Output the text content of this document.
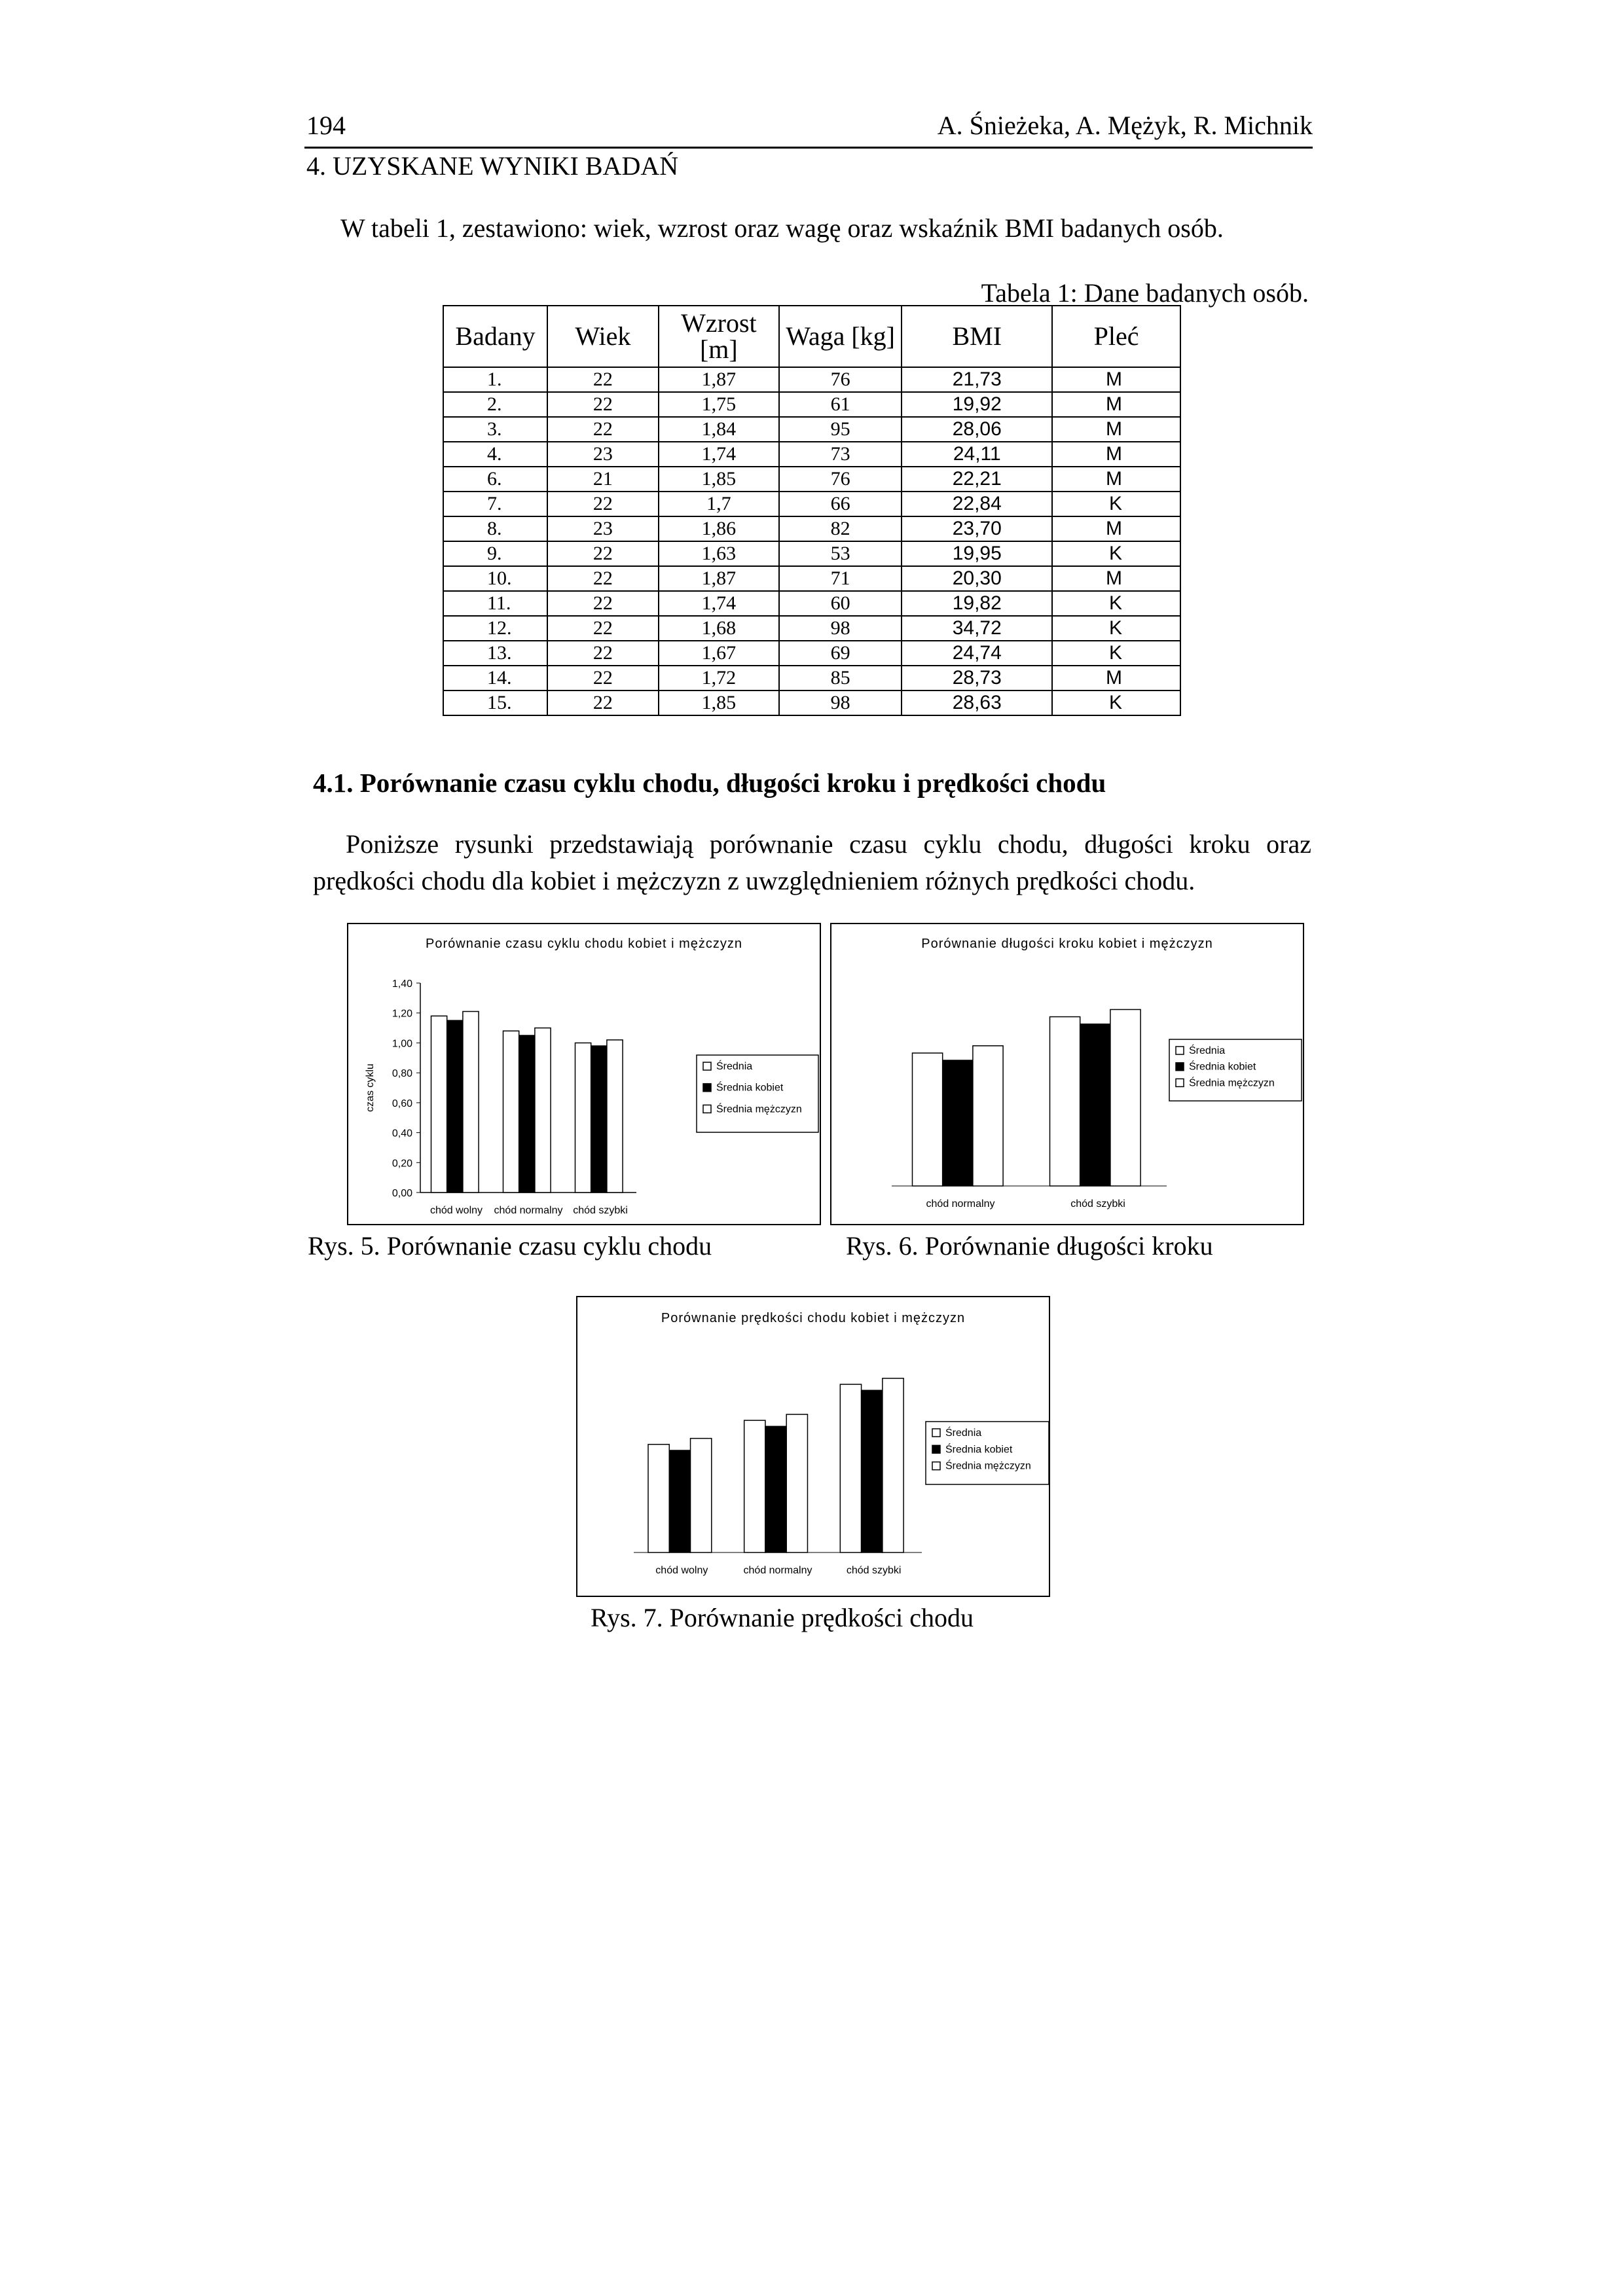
194	A. Śnieżeka, A. Mężyk, R. Michnik
4. UZYSKANE WYNIKI BADAŃ
W tabeli 1, zestawiono: wiek, wzrost oraz wagę oraz wskaźnik BMI badanych osób.
Tabela 1: Dane badanych osób.
Badany	Wiek	Wzrost [m]	Waga [kg]	BMI	Pleć
1.	22	1,87	76	21,73	M
2.	22	1,75	61	19,92	M
3.	22	1,84	95	28,06	M
4.	23	1,74	73	24,11	M
6.	21	1,85	76	22,21	M
7.	22	1,7	66	22,84	K
8.	23	1,86	82	23,70	M
9.	22	1,63	53	19,95	K
10.	22	1,87	71	20,30	M
11.	22	1,74	60	19,82	K
12.	22	1,68	98	34,72	K
13.	22	1,67	69	24,74	K
14.	22	1,72	85	28,73	M
15.	22	1,85	98	28,63	K
4.1. Porównanie czasu cyklu chodu, długości kroku i prędkości chodu
Poniższe rysunki przedstawiają porównanie czasu cyklu chodu, długości kroku oraz prędkości chodu dla kobiet i mężczyzn z uwzględnieniem różnych prędkości chodu.
Porównanie czasu cyklu chodu kobiet i mężczyzn
0,00
0,20
0,40
0,60
0,80
1,00
1,20
1,40
czas cyklu
chód wolny chód normalny chód szybki
Średnia
Średnia kobiet
Średnia mężczyzn
Rys. 5. Porównanie czasu cyklu chodu
Porównanie długości kroku kobiet i mężczyzn
chód normalny	chód szybki
Średnia
Średnia kobiet
Średnia mężczyzn
Rys. 6. Porównanie długości kroku
Porównanie prędkości chodu kobiet i mężczyzn
chód wolny	chód normalny	chód szybki
Średnia
Średnia kobiet
Średnia mężczyzn
Rys. 7. Porównanie prędkości chodu
